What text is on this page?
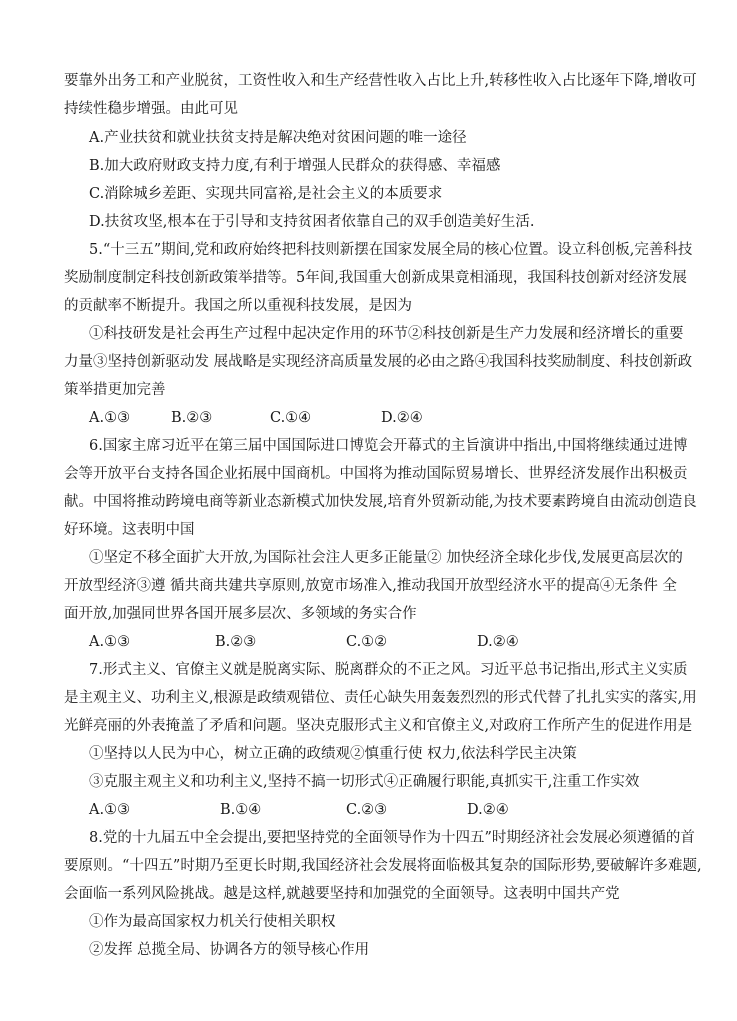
要靠外出务工和产业脱贫，工资性收入和生产经营性收入占比上升,转移性收入占比逐年下降,增收可
持续性稳步增强。由此可见
A.产业扶贫和就业扶贫支持是解决绝对贫困问题的唯一途径
B.加大政府财政支持力度,有利于增强人民群众的获得感、幸福感
C.消除城乡差距、实现共同富裕,是社会主义的本质要求
D.扶贫攻坚,根本在于引导和支持贫困者依靠自己的双手创造美好生活.
5.“十三五”期间,党和政府始终把科技则新摆在国家发展全局的核心位置。设立科创板,完善科技
奖励制度制定科技创新政策举措等。5年间,我国重大创新成果竟相涌现，我国科技创新对经济发展
的贡献率不断提升。我国之所以重视科技发展，是因为
①科技研发是社会再生产过程中起决定作用的环节②科技创新是生产力发展和经济增长的重要
力量③坚持创新驱动发 展战略是实现经济高质量发展的必由之路④我国科技奖励制度、科技创新政
策举措更加完善
A.①③	B.②③	C.①④	D.②④
6.国家主席习近平在第三届中国国际进口博览会开幕式的主旨演讲中指出,中国将继续通过进博
会等开放平台支持各国企业拓展中国商机。中国将为推动国际贸易增长、世界经济发展作出积极贡
献。中国将推动跨境电商等新业态新模式加快发展,培育外贸新动能,为技术要素跨境自由流动创造良
好环境。这表明中国
①坚定不移全面扩大开放,为国际社会注人更多正能量② 加快经济全球化步伐,发展更高层次的
开放型经济③遵 循共商共建共享原则,放宽市场准入,推动我国开放型经济水平的提高④无条件 全
面开放,加强同世界各国开展多层次、多领域的务实合作
A.①③	B.②③	C.①②	D.②④
7.形式主义、官僚主义就是脱离实际、脱离群众的不正之风。习近平总书记指出,形式主义实质
是主观主义、功利主义,根源是政绩观错位、责任心缺失用轰轰烈烈的形式代替了扎扎实实的落实,用
光鲜亮丽的外表掩盖了矛盾和问题。坚决克服形式主义和官僚主义,对政府工作所产生的促进作用是
①坚持以人民为中心，树立正确的政绩观②慎重行使 权力,依法科学民主决策
③克服主观主义和功利主义,坚持不搞一切形式④正确履行职能,真抓实干,注重工作实效
A.①③	B.①④	C.②③	D.②④
8.党的十九届五中全会提出,要把坚持党的全面领导作为十四五”时期经济社会发展必须遵循的首
要原则。“十四五”时期乃至更长时期,我国经济社会发展将面临极其复杂的国际形势,要破解许多难题,
会面临一系列风险挑战。越是这样,就越要坚持和加强党的全面领导。这表明中国共产党
①作为最高国家权力机关行使相关职权
②发挥 总揽全局、协调各方的领导核心作用
